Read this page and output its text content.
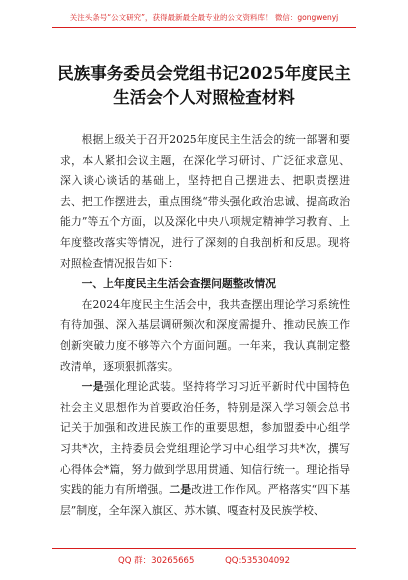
关注头条号“公文研究”，获得最新最全最专业的公文资料库！ 微信：gongwenyj
民族事务委员会党组书记2025年度民主
生活会个人对照检查材料

根据上级关于召开2025年度民主生活会的统一部署和要求，本人紧扣会议主题，在深化学习研讨、广泛征求意见、深入谈心谈话的基础上，坚持把自己摆进去、把职责摆进去、把工作摆进去，重点围绕“带头强化政治忠诚、提高政治能力”等五个方面，以及深化中央八项规定精神学习教育、上年度整改落实等情况，进行了深刻的自我剖析和反思。现将对照检查情况报告如下：

一、上年度民主生活会查摆问题整改情况

在2024年度民主生活会中，我共查摆出理论学习系统性有待加强、深入基层调研频次和深度需提升、推动民族工作创新突破力度不够等六个方面问题。一年来，我认真制定整改清单，逐项狠抓落实。

一是强化理论武装。坚持将学习习近平新时代中国特色社会主义思想作为首要政治任务，特别是深入学习领会总书记关于加强和改进民族工作的重要思想，参加盟委中心组学习共*次，主持委员会党组理论学习中心组学习共*次，撰写心得体会*篇，努力做到学思用贯通、知信行统一。理论指导实践的能力有所增强。二是改进工作作风。严格落实“四下基层”制度，全年深入旗区、苏木镇、嘎查村及民族学校、

QQ 群：30265665	QQ:535304092
